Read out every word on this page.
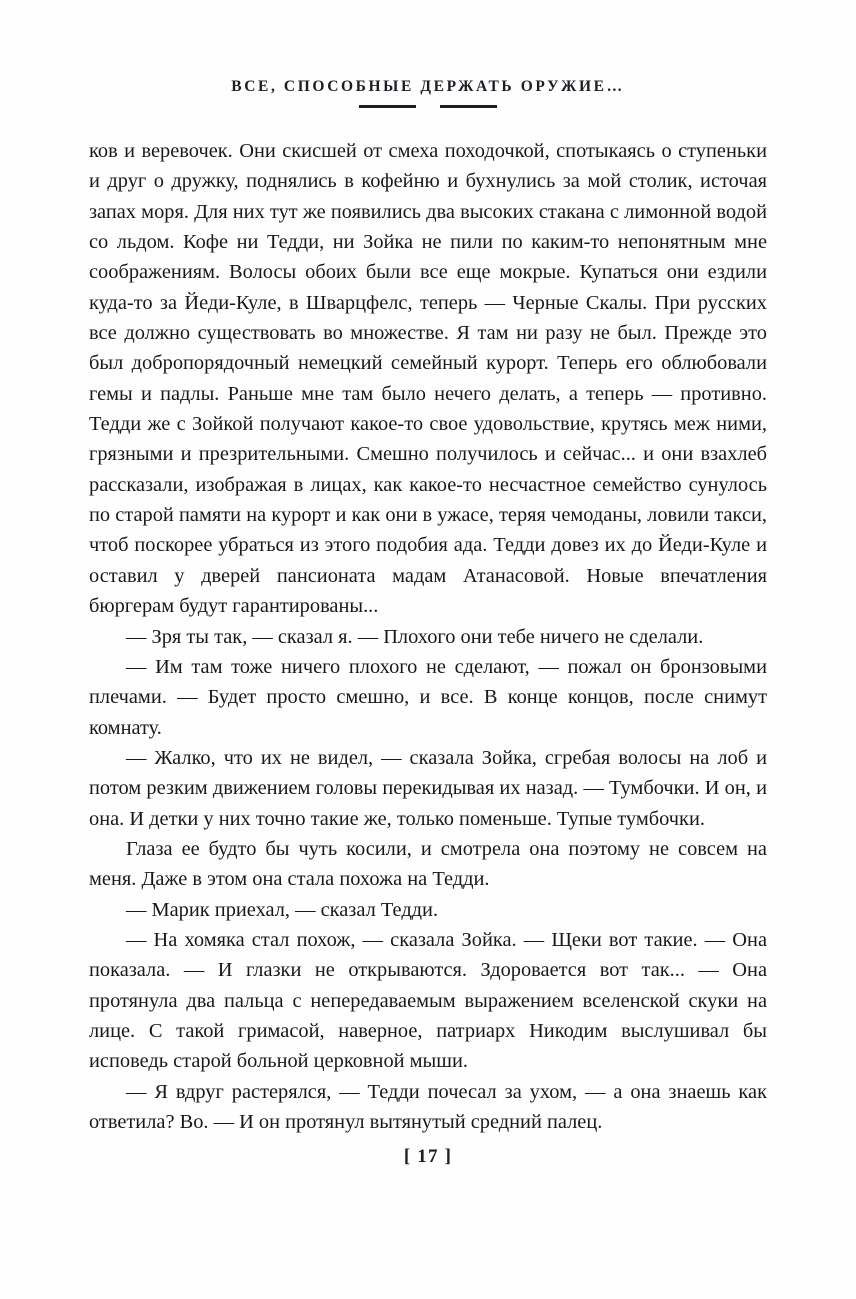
ВСЕ, СПОСОБНЫЕ ДЕРЖАТЬ ОРУЖИЕ…

ков и веревочек. Они скисшей от смеха походочкой, спотыкаясь о ступеньки и друг о дружку, поднялись в кофейню и бухнулись за мой столик, источая запах моря. Для них тут же появились два высоких стакана с лимонной водой со льдом. Кофе ни Тедди, ни Зойка не пили по каким-то непонятным мне соображениям. Волосы обоих были все еще мокрые. Купаться они ездили куда-то за Йеди-Куле, в Шварцфелс, теперь — Черные Скалы. При русских все должно существовать во множестве. Я там ни разу не был. Прежде это был добропорядочный немецкий семейный курорт. Теперь его облюбовали гемы и падлы. Раньше мне там было нечего делать, а теперь — противно. Тедди же с Зойкой получают какое-то свое удовольствие, крутясь меж ними, грязными и презрительными. Смешно получилось и сейчас... и они взахлеб рассказали, изображая в лицах, как какое-то несчастное семейство сунулось по старой памяти на курорт и как они в ужасе, теряя чемоданы, ловили такси, чтоб поскорее убраться из этого подобия ада. Тедди довез их до Йеди-Куле и оставил у дверей пансионата мадам Атанасовой. Новые впечатления бюргерам будут гарантированы...

— Зря ты так, — сказал я. — Плохого они тебе ничего не сделали.

— Им там тоже ничего плохого не сделают, — пожал он бронзовыми плечами. — Будет просто смешно, и все. В конце концов, после снимут комнату.

— Жалко, что их не видел, — сказала Зойка, сгребая волосы на лоб и потом резким движением головы перекидывая их назад. — Тумбочки. И он, и она. И детки у них точно такие же, только поменьше. Тупые тумбочки.

Глаза ее будто бы чуть косили, и смотрела она поэтому не совсем на меня. Даже в этом она стала похожа на Тедди.

— Марик приехал, — сказал Тедди.

— На хомяка стал похож, — сказала Зойка. — Щеки вот такие. — Она показала. — И глазки не открываются. Здоровается вот так... — Она протянула два пальца с непередаваемым выражением вселенской скуки на лице. С такой гримасой, наверное, патриарх Никодим выслушивал бы исповедь старой больной церковной мыши.

— Я вдруг растерялся, — Тедди почесал за ухом, — а она знаешь как ответила? Во. — И он протянул вытянутый средний палец.

[ 17 ]
